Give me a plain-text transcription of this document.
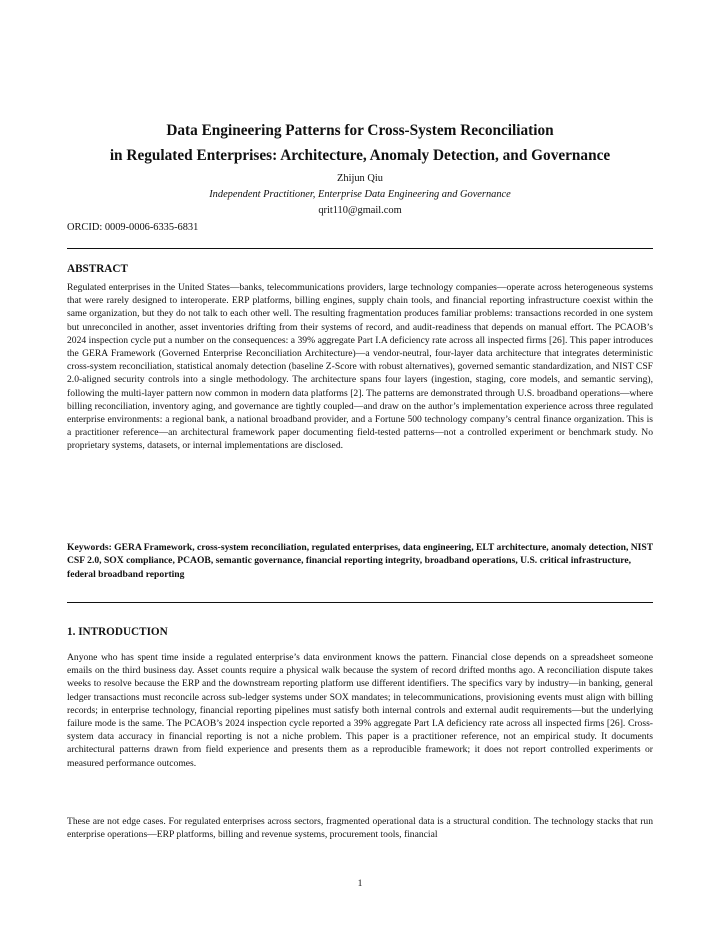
Data Engineering Patterns for Cross-System Reconciliation
in Regulated Enterprises: Architecture, Anomaly Detection, and Governance
Zhijun Qiu
Independent Practitioner, Enterprise Data Engineering and Governance
qrit110@gmail.com
ORCID: 0009-0006-6335-6831
ABSTRACT

Regulated enterprises in the United States—banks, telecommunications providers, large technology companies—operate across heterogeneous systems that were rarely designed to interoperate. ERP platforms, billing engines, supply chain tools, and financial reporting infrastructure coexist within the same organization, but they do not talk to each other well. The resulting fragmentation produces familiar problems: transactions recorded in one system but unreconciled in another, asset inventories drifting from their systems of record, and audit-readiness that depends on manual effort. The PCAOB’s 2024 inspection cycle put a number on the consequences: a 39% aggregate Part I.A deficiency rate across all inspected firms [26]. This paper introduces the GERA Framework (Governed Enterprise Reconciliation Architecture)—a vendor-neutral, four-layer data architecture that integrates deterministic cross-system reconciliation, statistical anomaly detection (baseline Z-Score with robust alternatives), governed semantic standardization, and NIST CSF 2.0-aligned security controls into a single methodology. The architecture spans four layers (ingestion, staging, core models, and semantic serving), following the multi-layer pattern now common in modern data platforms [2]. The patterns are demonstrated through U.S. broadband operations—where billing reconciliation, inventory aging, and governance are tightly coupled—and draw on the author’s implementation experience across three regulated enterprise environments: a regional bank, a national broadband provider, and a Fortune 500 technology company’s central finance organization. This is a practitioner reference—an architectural framework paper documenting field-tested patterns—not a controlled experiment or benchmark study. No proprietary systems, datasets, or internal implementations are disclosed.

Keywords: GERA Framework, cross-system reconciliation, regulated enterprises, data engineering, ELT architecture, anomaly detection, NIST CSF 2.0, SOX compliance, PCAOB, semantic governance, financial reporting integrity, broadband operations, U.S. critical infrastructure, federal broadband reporting

1. INTRODUCTION

Anyone who has spent time inside a regulated enterprise’s data environment knows the pattern. Financial close depends on a spreadsheet someone emails on the third business day. Asset counts require a physical walk because the system of record drifted months ago. A reconciliation dispute takes weeks to resolve because the ERP and the downstream reporting platform use different identifiers. The specifics vary by industry—in banking, general ledger transactions must reconcile across sub-ledger systems under SOX mandates; in telecommunications, provisioning events must align with billing records; in enterprise technology, financial reporting pipelines must satisfy both internal controls and external audit requirements—but the underlying failure mode is the same. The PCAOB’s 2024 inspection cycle reported a 39% aggregate Part I.A deficiency rate across all inspected firms [26]. Cross-system data accuracy in financial reporting is not a niche problem. This paper is a practitioner reference, not an empirical study. It documents architectural patterns drawn from field experience and presents them as a reproducible framework; it does not report controlled experiments or measured performance outcomes.

These are not edge cases. For regulated enterprises across sectors, fragmented operational data is a structural condition. The technology stacks that run enterprise operations—ERP platforms, billing and revenue systems, procurement tools, financial

1
